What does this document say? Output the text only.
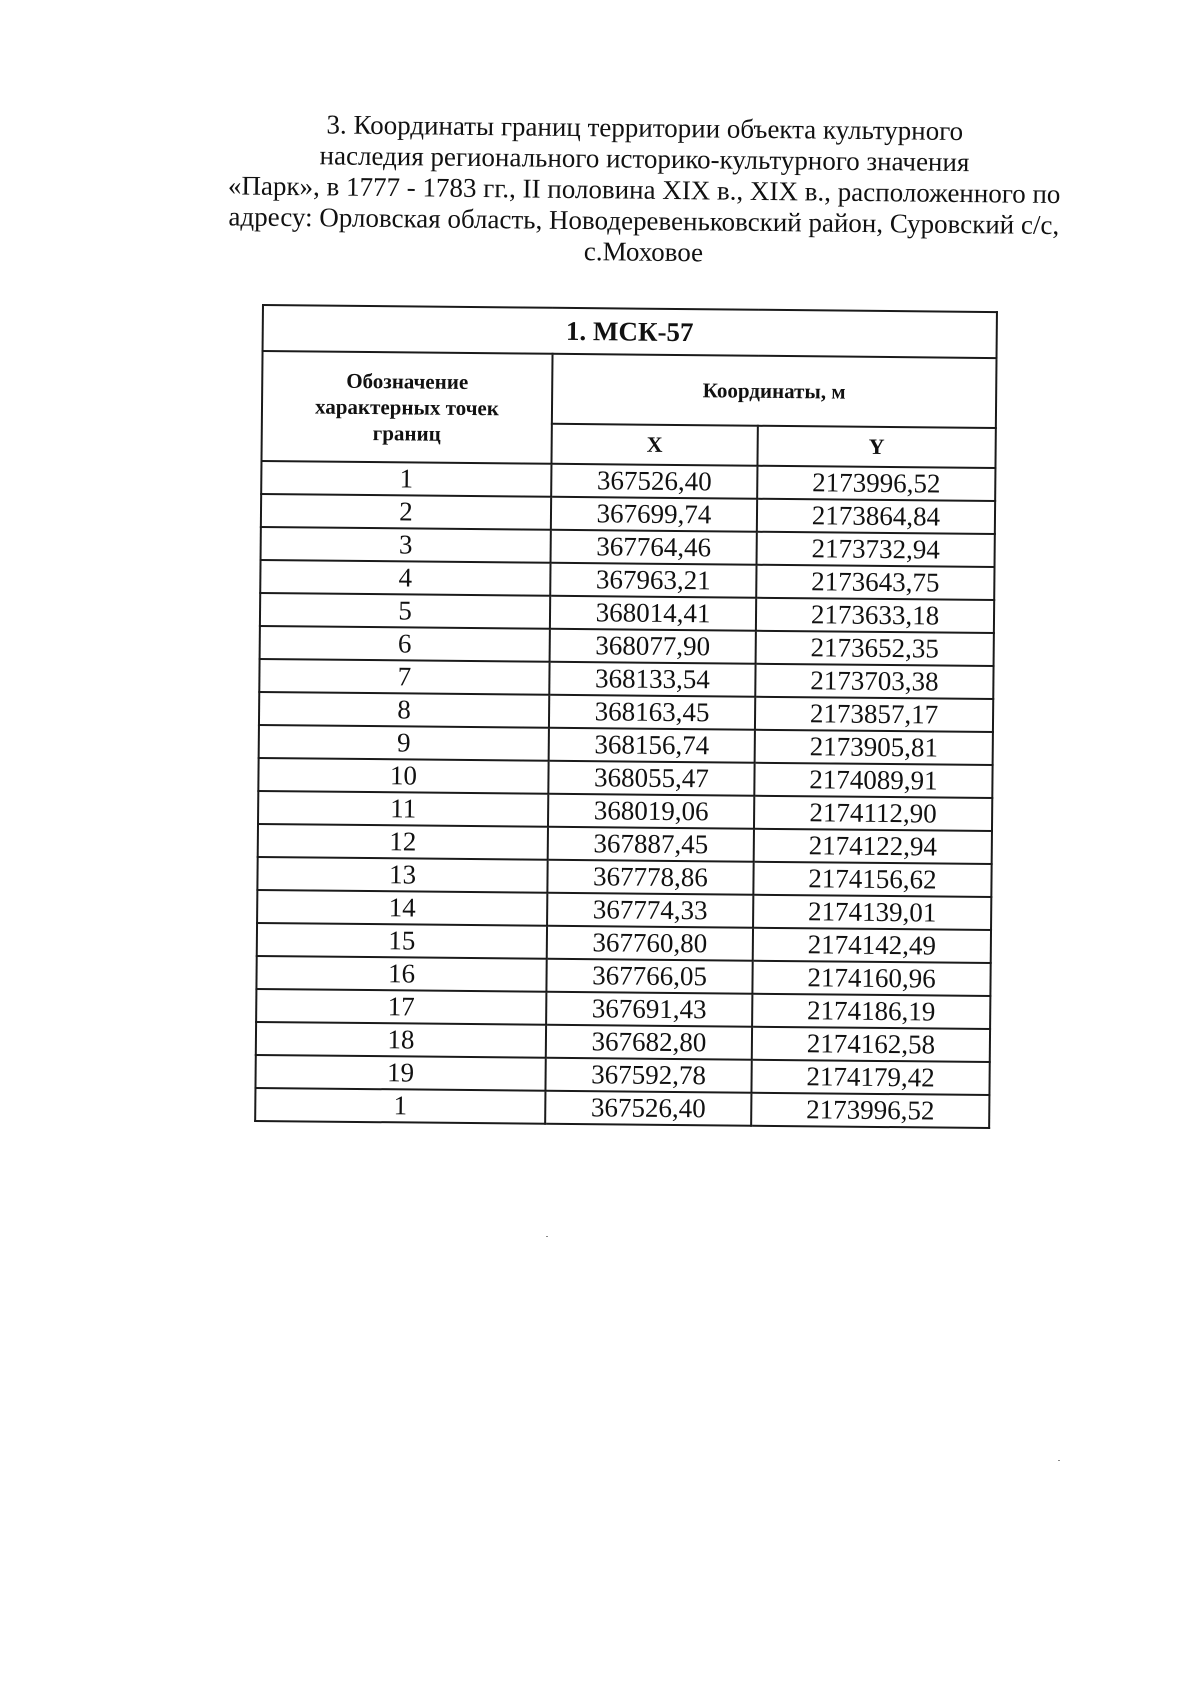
3. Координаты границ территории объекта культурного
наследия регионального историко-культурного значения
«Парк», в 1777 - 1783 гг., II половина XIX в., XIX в., расположенного по
адресу: Орловская область, Новодеревеньковский район, Суровский с/с,
с.Моховое
1. МСК-57		
Обозначение характерных точек границ	Координаты, м	
	X	Y
1	367526,40	2173996,52
2	367699,74	2173864,84
3	367764,46	2173732,94
4	367963,21	2173643,75
5	368014,41	2173633,18
6	368077,90	2173652,35
7	368133,54	2173703,38
8	368163,45	2173857,17
9	368156,74	2173905,81
10	368055,47	2174089,91
11	368019,06	2174112,90
12	367887,45	2174122,94
13	367778,86	2174156,62
14	367774,33	2174139,01
15	367760,80	2174142,49
16	367766,05	2174160,96
17	367691,43	2174186,19
18	367682,80	2174162,58
19	367592,78	2174179,42
1	367526,40	2173996,52
